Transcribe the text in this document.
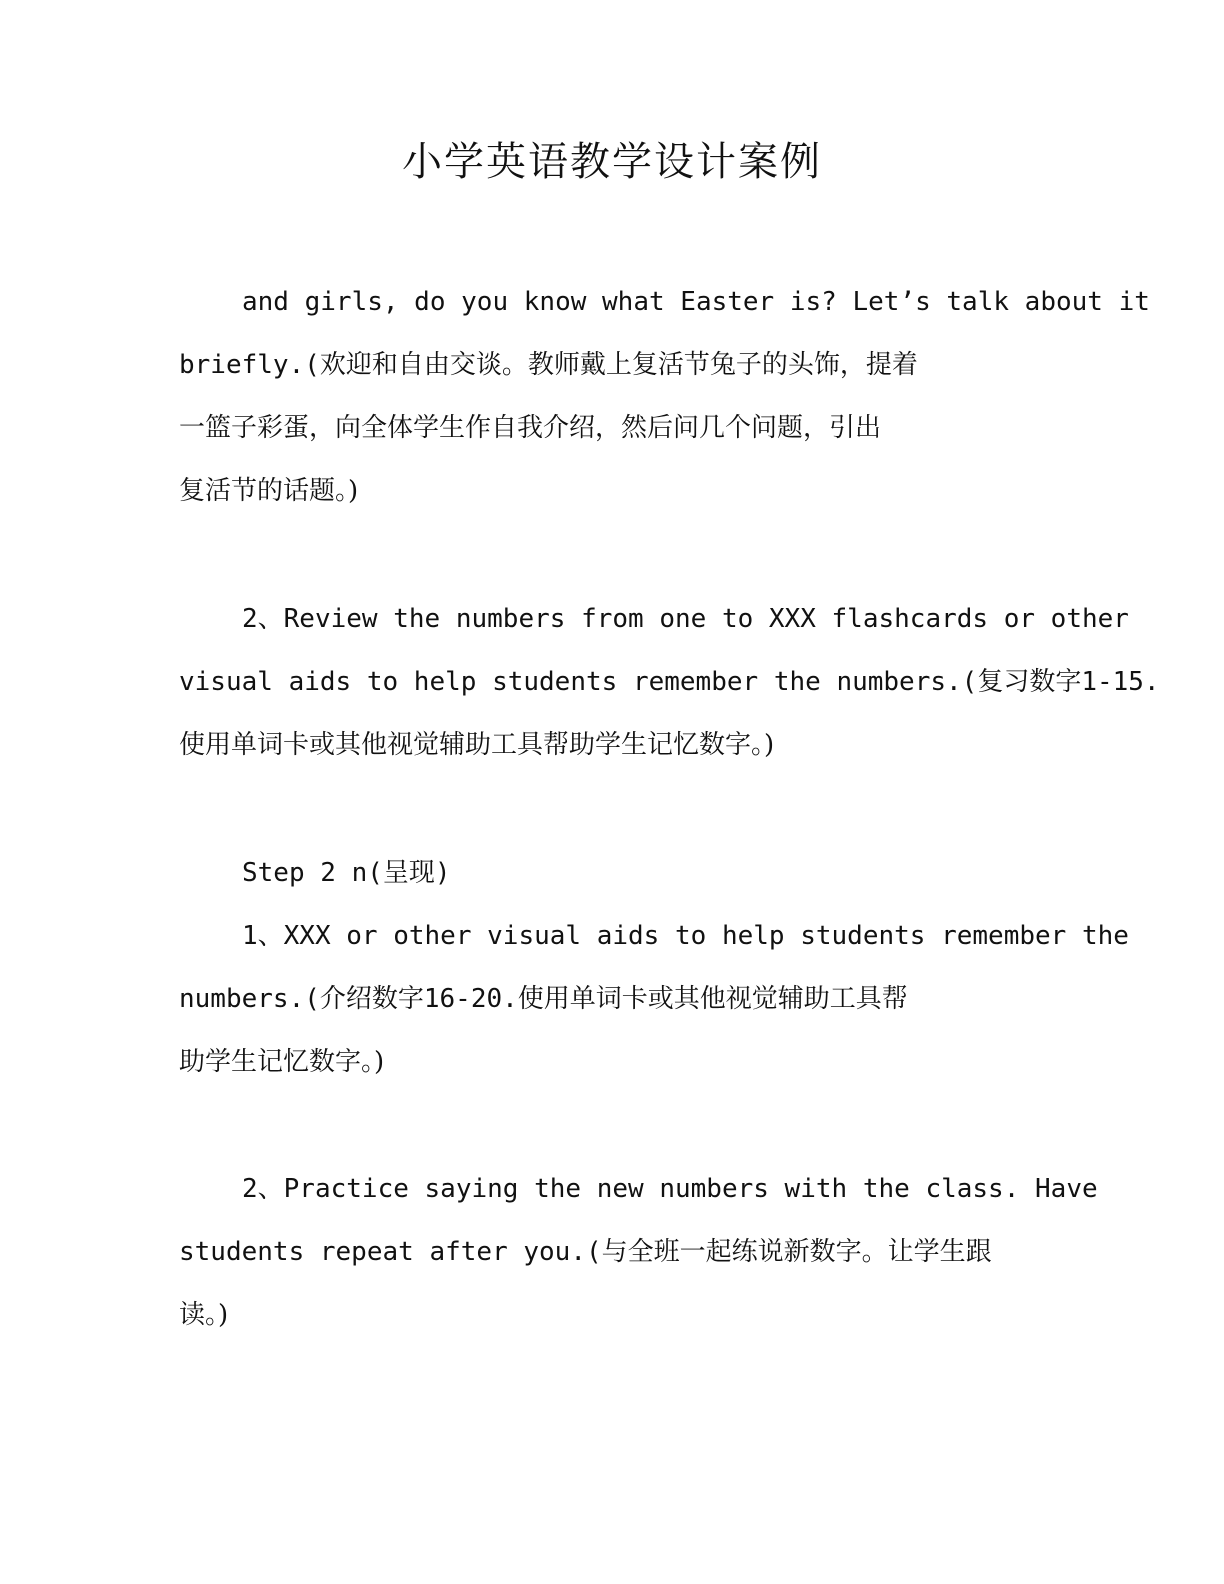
小学英语教学设计案例
and girls, do you know what Easter is? Let’s talk about it
briefly.(欢迎和自由交谈。教师戴上复活节兔子的头饰，提着
一篮子彩蛋，向全体学生作自我介绍，然后问几个问题，引出
复活节的话题。)
2、Review the numbers from one to XXX flashcards or other
visual aids to help students remember the numbers.(复习数字1-15.
使用单词卡或其他视觉辅助工具帮助学生记忆数字。)
Step 2 n(呈现)
1、XXX or other visual aids to help students remember the
numbers.(介绍数字16-20.使用单词卡或其他视觉辅助工具帮
助学生记忆数字。)
2、Practice saying the new numbers with the class. Have
students repeat after you.(与全班一起练说新数字。让学生跟
读。)
